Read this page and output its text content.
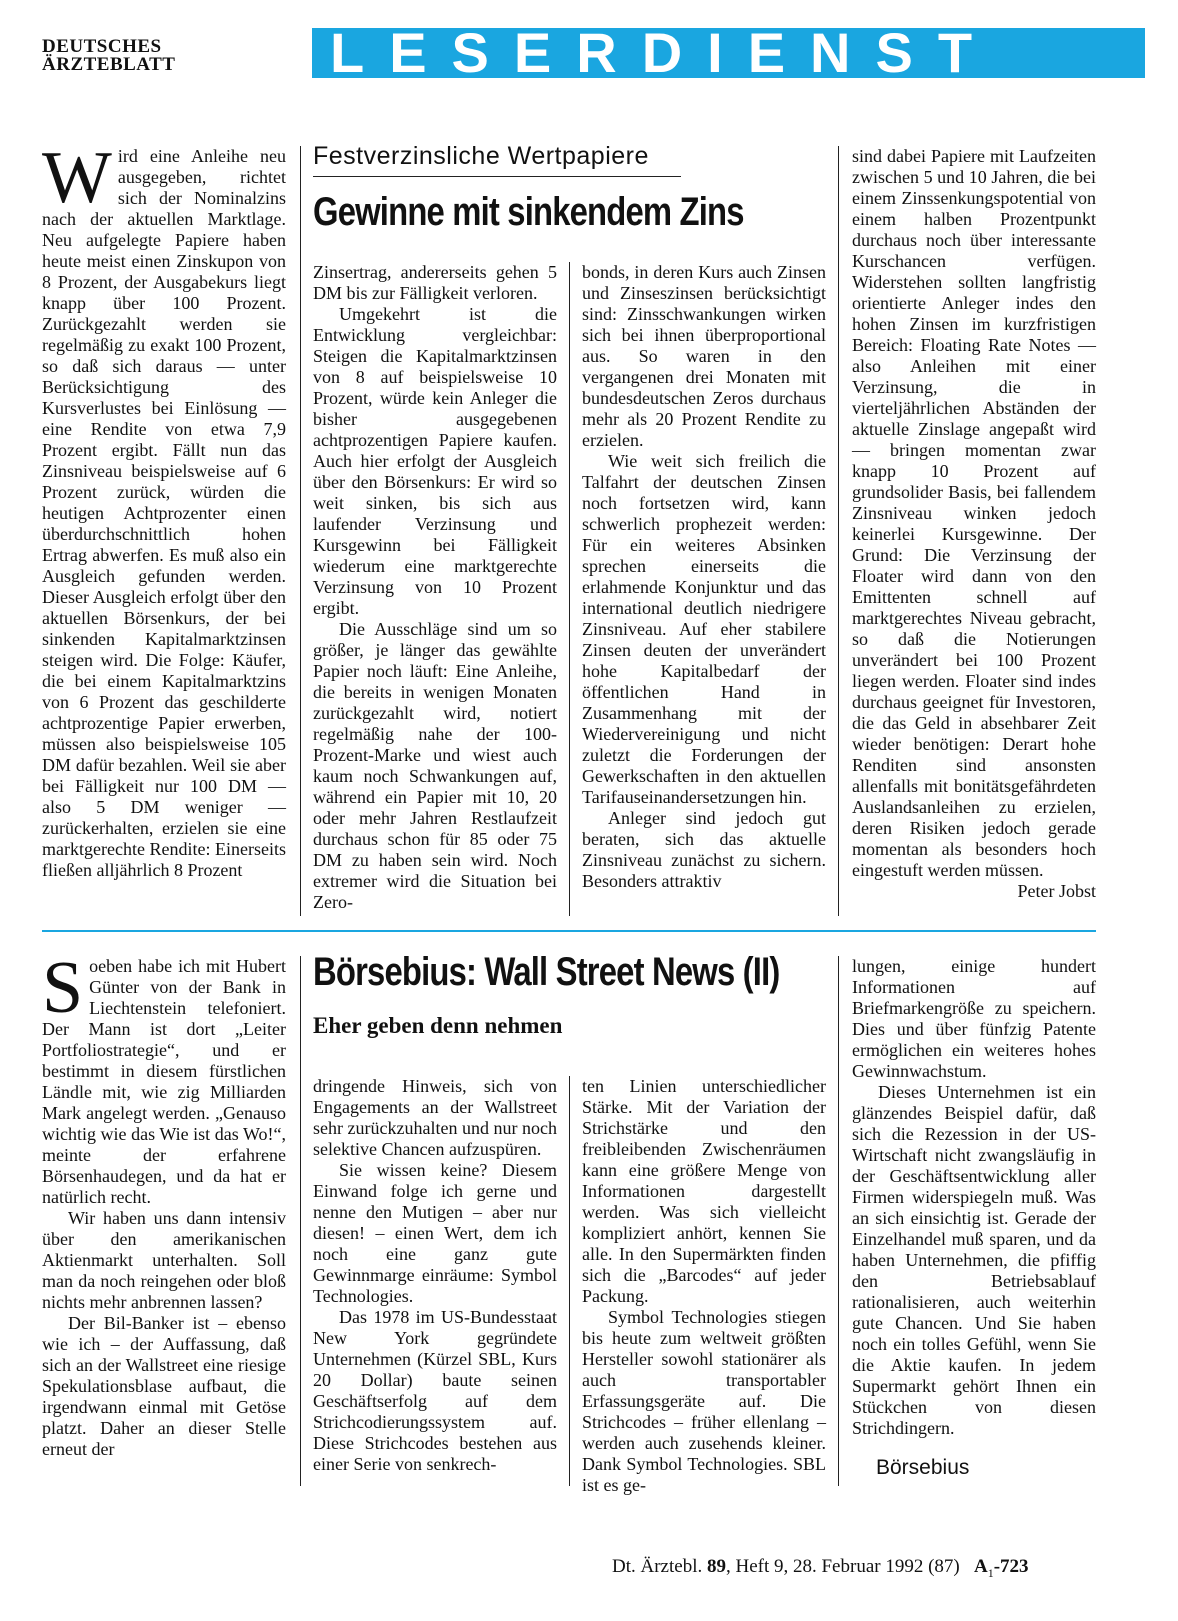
DEUTSCHES
ÄRZTEBLATT	LESERDIENST

Wird eine Anleihe neu ausgegeben, richtet sich der Nominalzins nach der aktuellen Marktlage. Neu aufgelegte Papiere haben heute meist einen Zinskupon von 8 Prozent, der Ausgabekurs liegt knapp über 100 Prozent. Zurückgezahlt werden sie regelmäßig zu exakt 100 Prozent, so daß sich daraus — unter Berücksichtigung des Kursverlustes bei Einlösung — eine Rendite von etwa 7,9 Prozent ergibt. Fällt nun das Zinsniveau beispielsweise auf 6 Prozent zurück, würden die heutigen Achtprozenter einen überdurchschnittlich hohen Ertrag abwerfen. Es muß also ein Ausgleich gefunden werden. Dieser Ausgleich erfolgt über den aktuellen Börsenkurs, der bei sinkenden Kapitalmarktzinsen steigen wird. Die Folge: Käufer, die bei einem Kapitalmarktzins von 6 Prozent das geschilderte achtprozentige Papier erwerben, müssen also beispielsweise 105 DM dafür bezahlen. Weil sie aber bei Fälligkeit nur 100 DM — also 5 DM weniger — zurückerhalten, erzielen sie eine marktgerechte Rendite: Einerseits fließen alljährlich 8 Prozent

Festverzinsliche Wertpapiere
Gewinne mit sinkendem Zins

Zinsertrag, andererseits gehen 5 DM bis zur Fälligkeit verloren.

Umgekehrt ist die Entwicklung vergleichbar: Steigen die Kapitalmarktzinsen von 8 auf beispielsweise 10 Prozent, würde kein Anleger die bisher ausgegebenen achtprozentigen Papiere kaufen. Auch hier erfolgt der Ausgleich über den Börsenkurs: Er wird so weit sinken, bis sich aus laufender Verzinsung und Kursgewinn bei Fälligkeit wiederum eine marktgerechte Verzinsung von 10 Prozent ergibt.

Die Ausschläge sind um so größer, je länger das gewählte Papier noch läuft: Eine Anleihe, die bereits in wenigen Monaten zurückgezahlt wird, notiert regelmäßig nahe der 100-Prozent-Marke und wiest auch kaum noch Schwankungen auf, während ein Papier mit 10, 20 oder mehr Jahren Restlaufzeit durchaus schon für 85 oder 75 DM zu haben sein wird. Noch extremer wird die Situation bei Zero-

bonds, in deren Kurs auch Zinsen und Zinseszinsen berücksichtigt sind: Zinsschwankungen wirken sich bei ihnen überproportional aus. So waren in den vergangenen drei Monaten mit bundesdeutschen Zeros durchaus mehr als 20 Prozent Rendite zu erzielen.

Wie weit sich freilich die Talfahrt der deutschen Zinsen noch fortsetzen wird, kann schwerlich prophezeit werden: Für ein weiteres Absinken sprechen einerseits die erlahmende Konjunktur und das international deutlich niedrigere Zinsniveau. Auf eher stabilere Zinsen deuten der unverändert hohe Kapitalbedarf der öffentlichen Hand in Zusammenhang mit der Wiedervereinigung und nicht zuletzt die Forderungen der Gewerkschaften in den aktuellen Tarifauseinandersetzungen hin.

Anleger sind jedoch gut beraten, sich das aktuelle Zinsniveau zunächst zu sichern. Besonders attraktiv

sind dabei Papiere mit Laufzeiten zwischen 5 und 10 Jahren, die bei einem Zinssenkungspotential von einem halben Prozentpunkt durchaus noch über interessante Kurschancen verfügen. Widerstehen sollten langfristig orientierte Anleger indes den hohen Zinsen im kurzfristigen Bereich: Floating Rate Notes — also Anleihen mit einer Verzinsung, die in vierteljährlichen Abständen der aktuelle Zinslage angepaßt wird — bringen momentan zwar knapp 10 Prozent auf grundsolider Basis, bei fallendem Zinsniveau winken jedoch keinerlei Kursgewinne. Der Grund: Die Verzinsung der Floater wird dann von den Emittenten schnell auf marktgerechtes Niveau gebracht, so daß die Notierungen unverändert bei 100 Prozent liegen werden. Floater sind indes durchaus geeignet für Investoren, die das Geld in absehbarer Zeit wieder benötigen: Derart hohe Renditen sind ansonsten allenfalls mit bonitätsgefährdeten Auslandsanleihen zu erzielen, deren Risiken jedoch gerade momentan als besonders hoch eingestuft werden müssen.

Peter Jobst

Soeben habe ich mit Hubert Günter von der Bank in Liechtenstein telefoniert. Der Mann ist dort „Leiter Portfoliostrategie“, und er bestimmt in diesem fürstlichen Ländle mit, wie zig Milliarden Mark angelegt werden. „Genauso wichtig wie das Wie ist das Wo!“, meinte der erfahrene Börsenhaudegen, und da hat er natürlich recht.

Wir haben uns dann intensiv über den amerikanischen Aktienmarkt unterhalten. Soll man da noch reingehen oder bloß nichts mehr anbrennen lassen?

Der Bil-Banker ist – ebenso wie ich – der Auffassung, daß sich an der Wallstreet eine riesige Spekulationsblase aufbaut, die irgendwann einmal mit Getöse platzt. Daher an dieser Stelle erneut der

Börsebius: Wall Street News (II)
Eher geben denn nehmen

dringende Hinweis, sich von Engagements an der Wallstreet sehr zurückzuhalten und nur noch selektive Chancen aufzuspüren.

Sie wissen keine? Diesem Einwand folge ich gerne und nenne den Mutigen – aber nur diesen! – einen Wert, dem ich noch eine ganz gute Gewinnmarge einräume: Symbol Technologies.

Das 1978 im US-Bundesstaat New York gegründete Unternehmen (Kürzel SBL, Kurs 20 Dollar) baute seinen Geschäftserfolg auf dem Strichcodierungssystem auf. Diese Strichcodes bestehen aus einer Serie von senkrech-

ten Linien unterschiedlicher Stärke. Mit der Variation der Strichstärke und den freibleibenden Zwischenräumen kann eine größere Menge von Informationen dargestellt werden. Was sich vielleicht kompliziert anhört, kennen Sie alle. In den Supermärkten finden sich die „Barcodes“ auf jeder Packung.

Symbol Technologies stiegen bis heute zum weltweit größten Hersteller sowohl stationärer als auch transportabler Erfassungsgeräte auf. Die Strichcodes – früher ellenlang – werden auch zusehends kleiner. Dank Symbol Technologies. SBL ist es ge-

lungen, einige hundert Informationen auf Briefmarkengröße zu speichern. Dies und über fünfzig Patente ermöglichen ein weiteres hohes Gewinnwachstum.

Dieses Unternehmen ist ein glänzendes Beispiel dafür, daß sich die Rezession in der US-Wirtschaft nicht zwangsläufig in der Geschäftsentwicklung aller Firmen widerspiegeln muß. Was an sich einsichtig ist. Gerade der Einzelhandel muß sparen, und da haben Unternehmen, die pfiffig den Betriebsablauf rationalisieren, auch weiterhin gute Chancen. Und Sie haben noch ein tolles Gefühl, wenn Sie die Aktie kaufen. In jedem Supermarkt gehört Ihnen ein Stückchen von diesen Strichdingern.

Börsebius
Dt. Ärztebl. 89, Heft 9, 28. Februar 1992 (87) $A_1-723$
